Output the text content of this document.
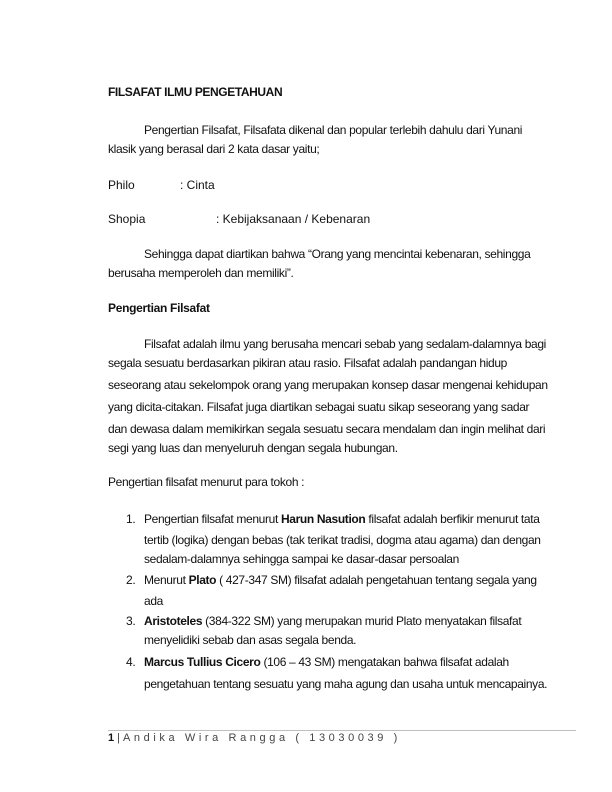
FILSAFAT ILMU PENGETAHUAN
Pengertian Filsafat, Filsafata dikenal dan popular terlebih dahulu dari Yunani
klasik yang berasal dari 2 kata dasar yaitu;
Philo	: Cinta
Shopia	: Kebijaksanaan / Kebenaran
Sehingga dapat diartikan bahwa “Orang yang mencintai kebenaran, sehingga
berusaha memperoleh dan memiliki”.
Pengertian Filsafat
Filsafat adalah ilmu yang berusaha mencari sebab yang sedalam-dalamnya bagi
segala sesuatu berdasarkan pikiran atau rasio. Filsafat adalah pandangan hidup
seseorang atau sekelompok orang yang merupakan konsep dasar mengenai kehidupan
yang dicita-citakan. Filsafat juga diartikan sebagai suatu sikap seseorang yang sadar
dan dewasa dalam memikirkan segala sesuatu secara mendalam dan ingin melihat dari
segi yang luas dan menyeluruh dengan segala hubungan.
Pengertian filsafat menurut para tokoh :
1. Pengertian filsafat menurut Harun Nasution filsafat adalah berfikir menurut tata
tertib (logika) dengan bebas (tak terikat tradisi, dogma atau agama) dan dengan
sedalam-dalamnya sehingga sampai ke dasar-dasar persoalan
2. Menurut Plato ( 427-347 SM) filsafat adalah pengetahuan tentang segala yang
ada
3. Aristoteles (384-322 SM) yang merupakan murid Plato menyatakan filsafat
menyelidiki sebab dan asas segala benda.
4. Marcus Tullius Cicero (106 – 43 SM) mengatakan bahwa filsafat adalah
pengetahuan tentang sesuatu yang maha agung dan usaha untuk mencapainya.
1 | Andika Wira Rangga ( 13030039 )
